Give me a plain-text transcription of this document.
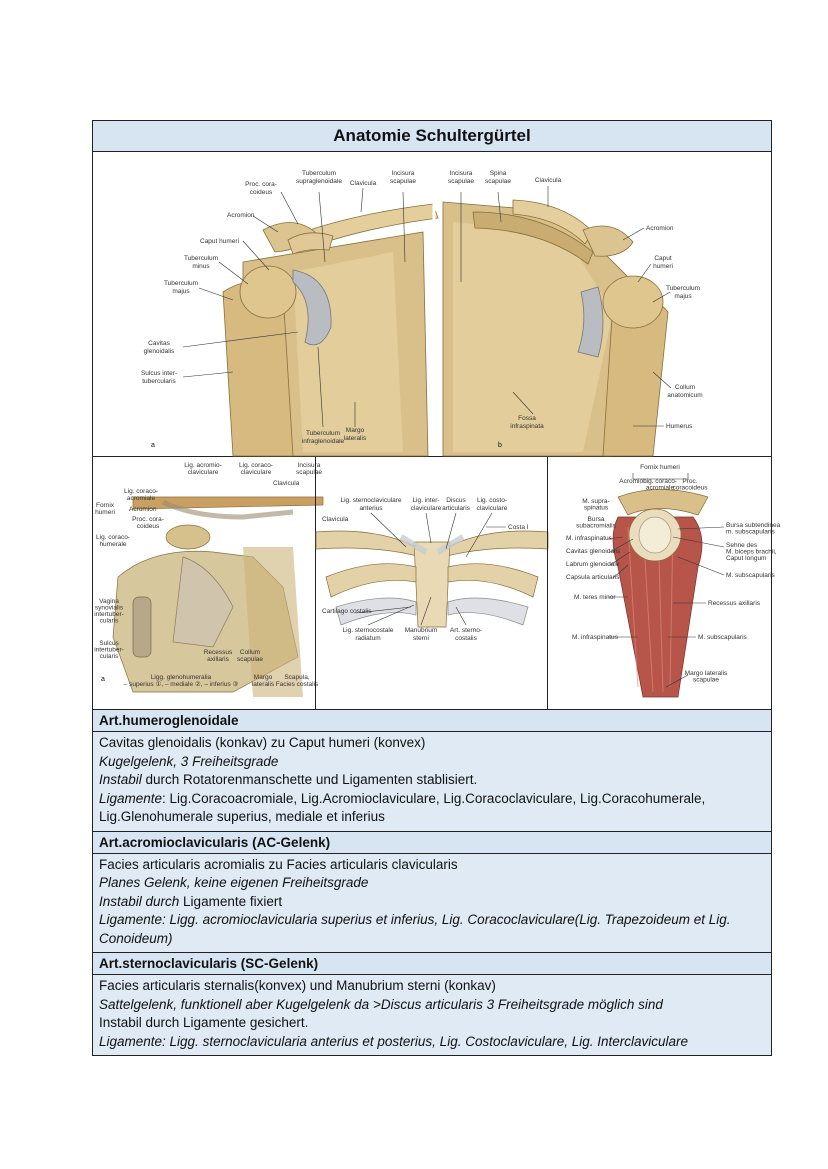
Anatomie Schultergürtel
a
Proc. cora-coideus
Tuberculum supraglenoidale Clavicula
Incisura scapulae
Acromion
Caput humeri
Tuberculum minus
Tuberculum majus
Cavitas glenoidalis
Sulcus inter-tubercularis
Tuberculum infraglenoidale
Margo lateralis
b
Incisura scapulae
Spina scapulae	Clavicula
Acromion
Caput humeri
Tuberculum majus
Collum anatomicum
Fossa infraspinata	Humerus
Lig. acromio-claviculare
Lig. coraco-claviculare
Incisura scapulae
Clavicula
Fornix humeri
Lig. coraco-acromiale
Acromion
Proc. cora-coideus
Lig. coraco-humerale
Vagina synovialis intertuber-cularis
Sulcus intertuber-cularis
Recessus axillaris
Collum scapulae
Ligg. glenohumeralia – superius ①, – mediale ②, – inferius ③
Margo lateralis
Scapula, Facies costalis
a
Lig. sternoclaviculare anterius
Lig. inter-claviculare
Discus articularis
Lig. costo-claviculare
Clavicula
Costa I
Cartilago costalis
Lig. sternocostale radiatum
Manubrium sterni
Art. sterno-costalis
Fornix humeri
Acromion
Lig. coraco-acromiale
Proc. coracoideus
M. supra-spinatus
Bursa subacromialis
M. infraspinatus
Cavitas glenoidalis
Labrum glenoidale
Capsula articularis
M. teres minor
M. infraspinatus
Bursa subtendinea m. subscapularis
Sehne des M. biceps brachii, Caput longum
M. subscapularis
Recessus axillaris
M. subscapularis
Margo lateralis scapulae
Art.humeroglenoidale
Cavitas glenoidalis (konkav) zu Caput humeri (konvex)
Kugelgelenk, 3 Freiheitsgrade
Instabil durch Rotatorenmanschette und Ligamenten stablisiert.
Ligamente: Lig.Coracoacromiale, Lig.Acromioclaviculare, Lig.Coracoclaviculare, Lig.Coracohumerale, Lig.Glenohumerale superius, mediale et inferius
Art.acromioclavicularis (AC-Gelenk)
Facies articularis acromialis zu Facies articularis clavicularis
Planes Gelenk, keine eigenen Freiheitsgrade
Instabil durch Ligamente fixiert
Ligamente: Ligg. acromioclavicularia superius et inferius, Lig. Coracoclaviculare(Lig. Trapezoideum et Lig. Conoideum)
Art.sternoclavicularis (SC-Gelenk)
Facies articularis sternalis(konvex) und Manubrium sterni (konkav)
Sattelgelenk, funktionell aber Kugelgelenk da >Discus articularis 3 Freiheitsgrade möglich sind
Instabil durch Ligamente gesichert.
Ligamente: Ligg. sternoclavicularia anterius et posterius, Lig. Costoclaviculare, Lig. Interclaviculare
